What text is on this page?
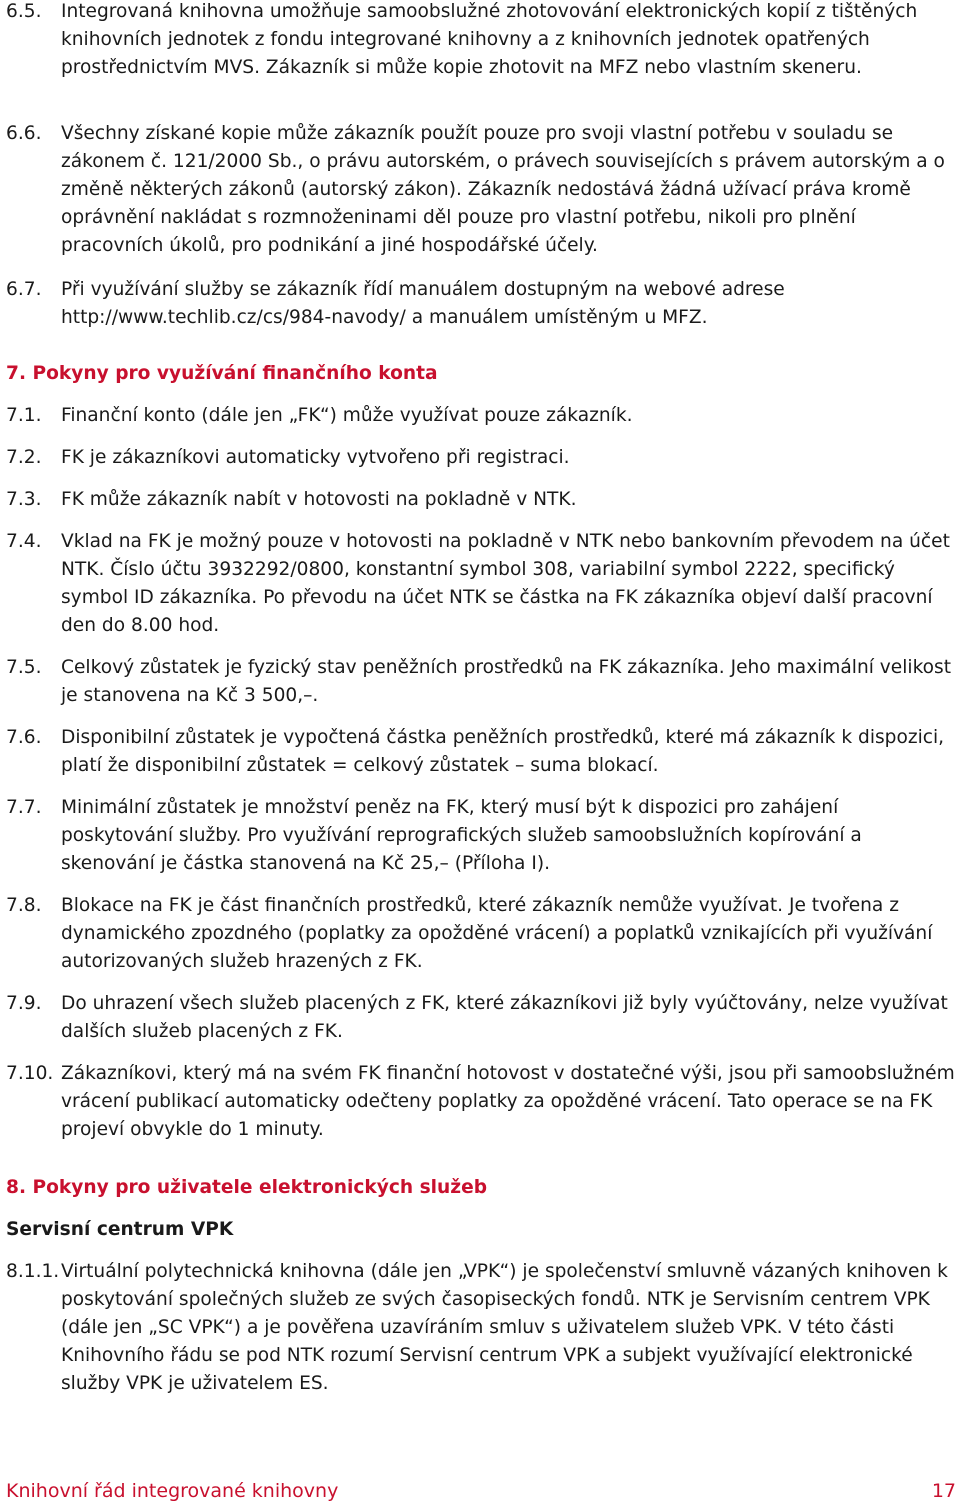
6.5. Integrovaná knihovna umožňuje samoobslužné zhotovování elektronických kopií z tištěných knihovních jednotek z fondu integrované knihovny a z knihovních jednotek opatřených prostřednictvím MVS. Zákazník si může kopie zhotovit na MFZ nebo vlastním skeneru.

6.6. Všechny získané kopie může zákazník použít pouze pro svoji vlastní potřebu v souladu se zákonem č. 121/2000 Sb., o právu autorském, o právech souvisejících s právem autorským a o změně některých zákonů (autorský zákon). Zákazník nedostává žádná užívací práva kromě oprávnění nakládat s rozmnoženinami děl pouze pro vlastní potřebu, nikoli pro plnění pracovních úkolů, pro podnikání a jiné hospodářské účely.

6.7. Při využívání služby se zákazník řídí manuálem dostupným na webové adrese http://www.techlib.cz/cs/984-navody/ a manuálem umístěným u MFZ.

7. Pokyny pro využívání finančního konta

7.1. Finanční konto (dále jen „FK“) může využívat pouze zákazník.

7.2. FK je zákazníkovi automaticky vytvořeno při registraci.

7.3. FK může zákazník nabít v hotovosti na pokladně v NTK.

7.4. Vklad na FK je možný pouze v hotovosti na pokladně v NTK nebo bankovním převodem na účet NTK. Číslo účtu 3932292/0800, konstantní symbol 308, variabilní symbol 2222, specifický symbol ID zákazníka. Po převodu na účet NTK se částka na FK zákazníka objeví další pracovní den do 8.00 hod.

7.5. Celkový zůstatek je fyzický stav peněžních prostředků na FK zákazníka. Jeho maximální velikost je stanovena na Kč 3 500,–.

7.6. Disponibilní zůstatek je vypočtená částka peněžních prostředků, které má zákazník k dispozici, platí že disponibilní zůstatek = celkový zůstatek – suma blokací.

7.7. Minimální zůstatek je množství peněz na FK, který musí být k dispozici pro zahájení poskytování služby. Pro využívání reprografických služeb samoobslužních kopírování a skenování je částka stanovená na Kč 25,– (Příloha I).

7.8. Blokace na FK je část finančních prostředků, které zákazník nemůže využívat. Je tvořena z dynamického zpozdného (poplatky za opožděné vrácení) a poplatků vznikajících při využívání autorizovaných služeb hrazených z FK.

7.9. Do uhrazení všech služeb placených z FK, které zákazníkovi již byly vyúčtovány, nelze využívat dalších služeb placených z FK.

7.10. Zákazníkovi, který má na svém FK finanční hotovost v dostatečné výši, jsou při samoobslužném vrácení publikací automaticky odečteny poplatky za opožděné vrácení. Tato operace se na FK projeví obvykle do 1 minuty.

8. Pokyny pro uživatele elektronických služeb

Servisní centrum VPK

8.1.1.Virtuální polytechnická knihovna (dále jen „VPK“) je společenství smluvně vázaných knihoven k poskytování společných služeb ze svých časopiseckých fondů. NTK je Servisním centrem VPK (dále jen „SC VPK“) a je pověřena uzavíráním smluv s uživatelem služeb VPK. V této části Knihovního řádu se pod NTK rozumí Servisní centrum VPK a subjekt využívající elektronické služby VPK je uživatelem ES.

Knihovní řád integrované knihovny	17
